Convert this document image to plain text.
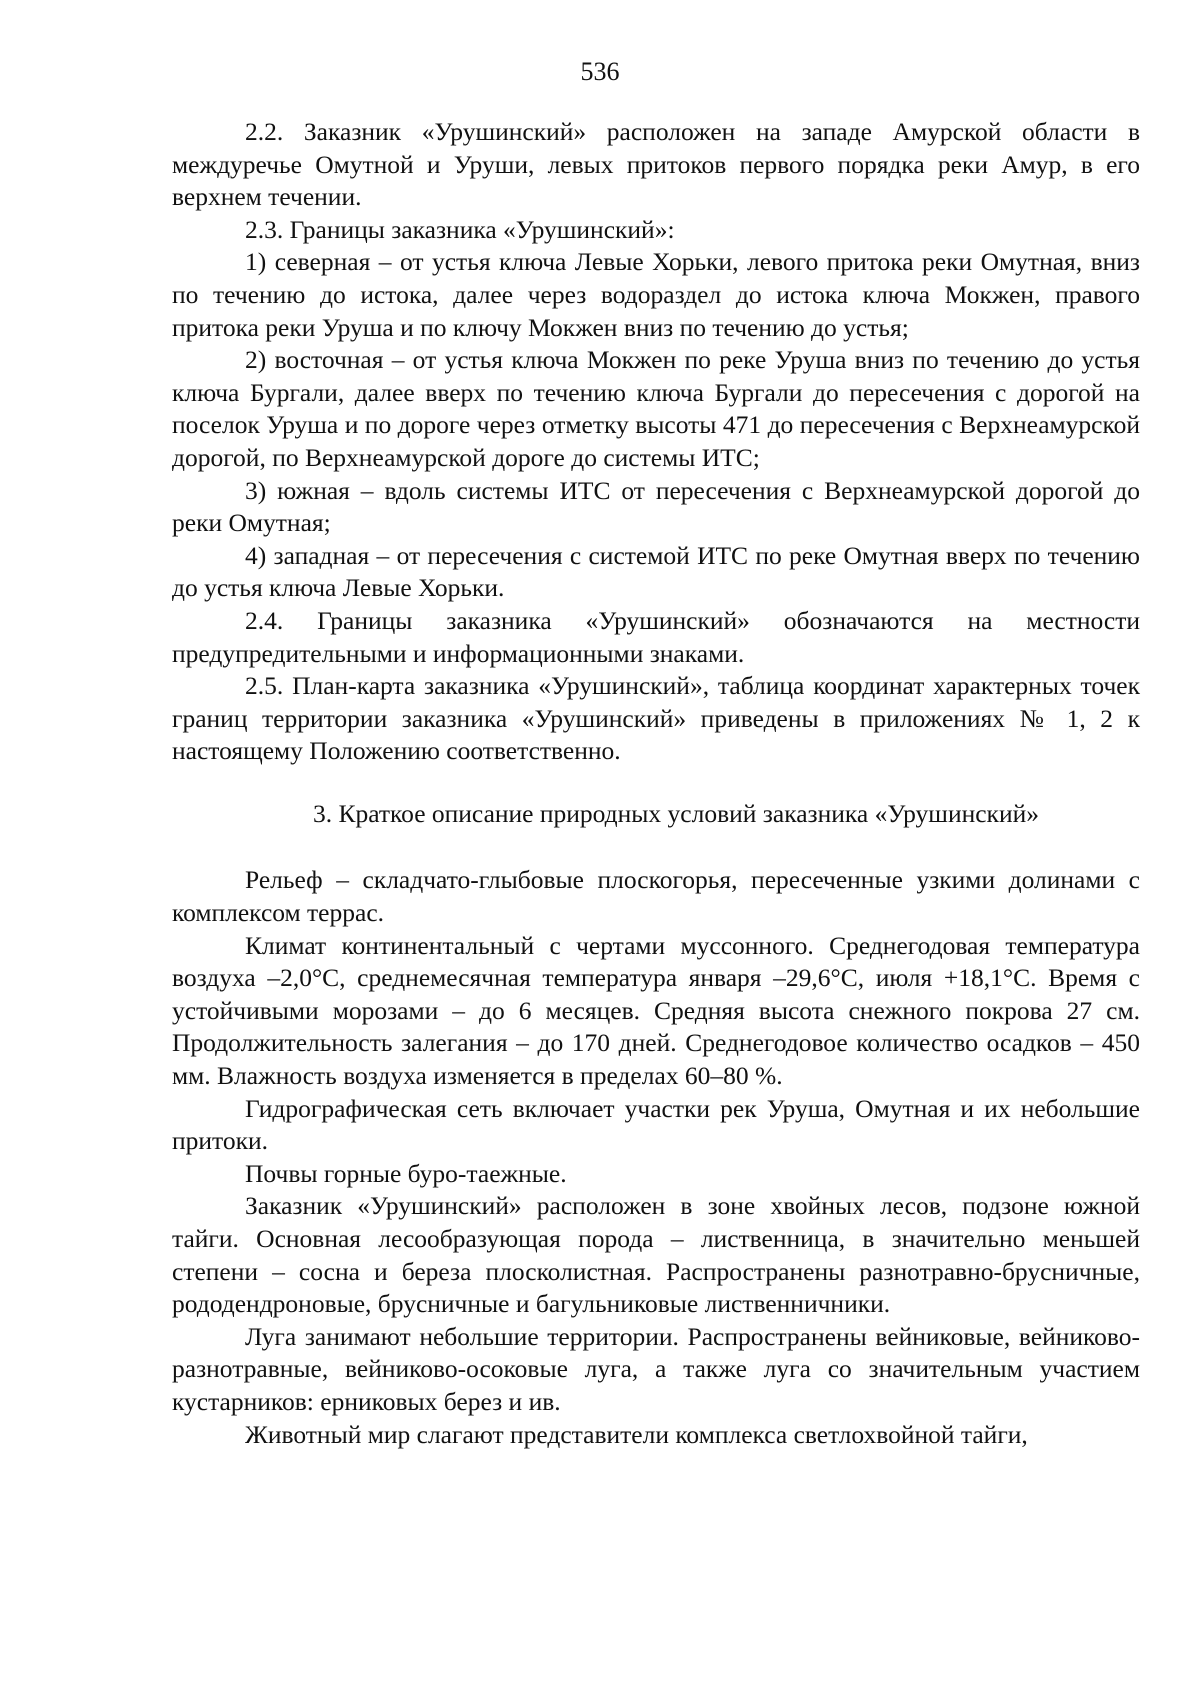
536

2.2. Заказник «Урушинский» расположен на западе Амурской области в междуречье Омутной и Уруши, левых притоков первого порядка реки Амур, в его верхнем течении.

2.3. Границы заказника «Урушинский»:

1) северная – от устья ключа Левые Хорьки, левого притока реки Омутная, вниз по течению до истока, далее через водораздел до истока ключа Мокжен, правого притока реки Уруша и по ключу Мокжен вниз по течению до устья;

2) восточная – от устья ключа Мокжен по реке Уруша вниз по течению до устья ключа Бургали, далее вверх по течению ключа Бургали до пересечения с дорогой на поселок Уруша и по дороге через отметку высоты 471 до пересечения с Верхнеамурской дорогой, по Верхнеамурской дороге до системы ИТС;

3) южная – вдоль системы ИТС от пересечения с Верхнеамурской дорогой до реки Омутная;

4) западная – от пересечения с системой ИТС по реке Омутная вверх по течению до устья ключа Левые Хорьки.

2.4. Границы заказника «Урушинский» обозначаются на местности предупредительными и информационными знаками.

2.5. План-карта заказника «Урушинский», таблица координат характерных точек границ территории заказника «Урушинский» приведены в приложениях № 1, 2 к настоящему Положению соответственно.

3. Краткое описание природных условий заказника «Урушинский»

Рельеф – складчато-глыбовые плоскогорья, пересеченные узкими долинами с комплексом террас.

Климат континентальный с чертами муссонного. Среднегодовая температура воздуха –2,0°С, среднемесячная температура января –29,6°С, июля +18,1°С. Время с устойчивыми морозами – до 6 месяцев. Средняя высота снежного покрова 27 см. Продолжительность залегания – до 170 дней. Среднегодовое количество осадков – 450 мм. Влажность воздуха изменяется в пределах 60–80 %.

Гидрографическая сеть включает участки рек Уруша, Омутная и их небольшие притоки.

Почвы горные буро-таежные.

Заказник «Урушинский» расположен в зоне хвойных лесов, подзоне южной тайги. Основная лесообразующая порода – лиственница, в значительно меньшей степени – сосна и береза плосколистная. Распространены разнотравно-брусничные, рододендроновые, брусничные и багульниковые лиственничники.

Луга занимают небольшие территории. Распространены вейниковые, вейниково-разнотравные, вейниково-осоковые луга, а также луга со значительным участием кустарников: ерниковых берез и ив.

Животный мир слагают представители комплекса светлохвойной тайги,
